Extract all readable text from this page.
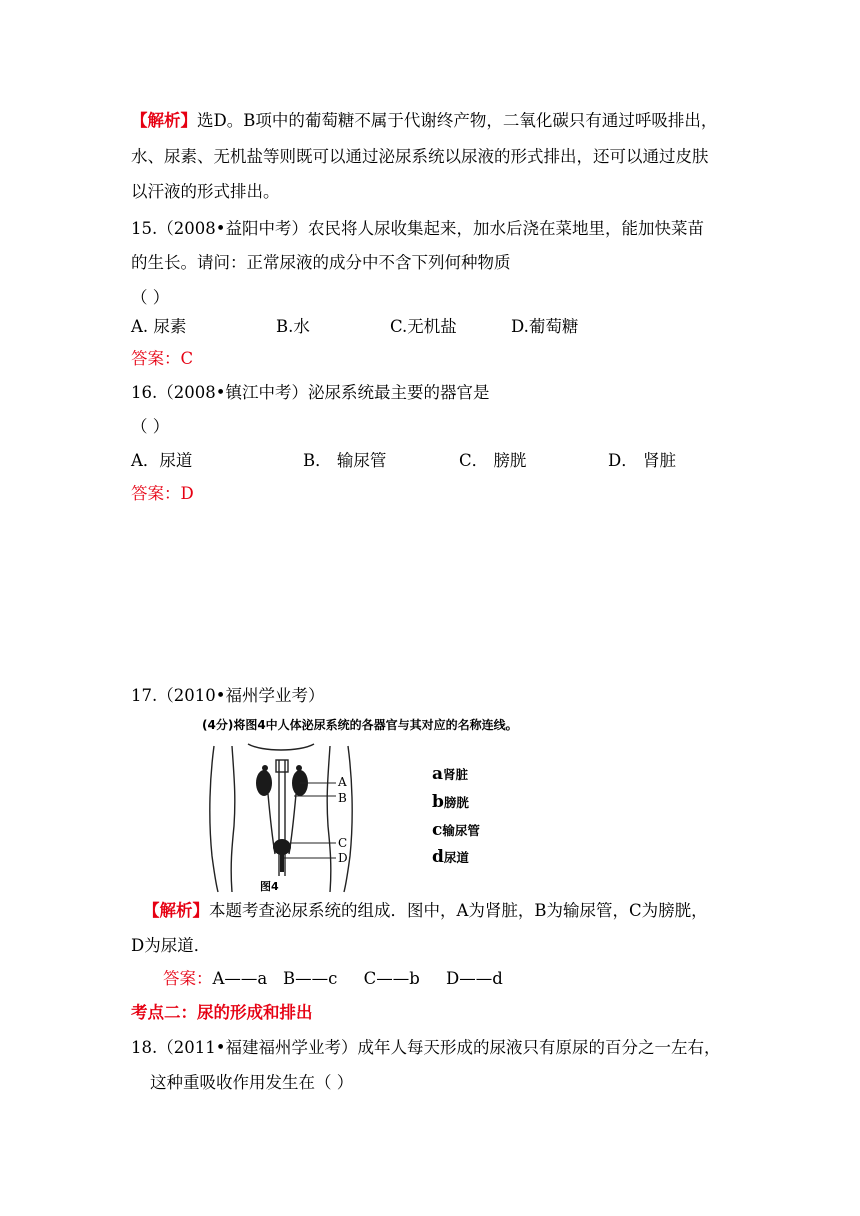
【解析】选D。B项中的葡萄糖不属于代谢终产物，二氧化碳只有通过呼吸排出，
水、尿素、无机盐等则既可以通过泌尿系统以尿液的形式排出，还可以通过皮肤
以汗液的形式排出。
15.（2008•益阳中考）农民将人尿收集起来，加水后浇在菜地里，能加快菜苗
的生长。请问：正常尿液的成分中不含下列何种物质
（ ）
A. 尿素	B.水	C.无机盐	D.葡萄糖
答案：C
16.（2008•镇江中考）泌尿系统最主要的器官是
（ ）
A．尿道	B． 输尿管	C． 膀胱	D． 肾脏
答案：D
17.（2010•福州学业考）
(4分)将图4中人体泌尿系统的各器官与其对应的名称连线。
A
B
C
D
图4
a肾脏
b膀胱
c输尿管
d尿道
【解析】本题考查泌尿系统的组成．图中，A为肾脏，B为输尿管，C为膀胱，
D为尿道．
答案：A——a   B——c     C——b     D——d
考点二：尿的形成和排出
18.（2011•福建福州学业考）成年人每天形成的尿液只有原尿的百分之一左右，
这种重吸收作用发生在（ ）
